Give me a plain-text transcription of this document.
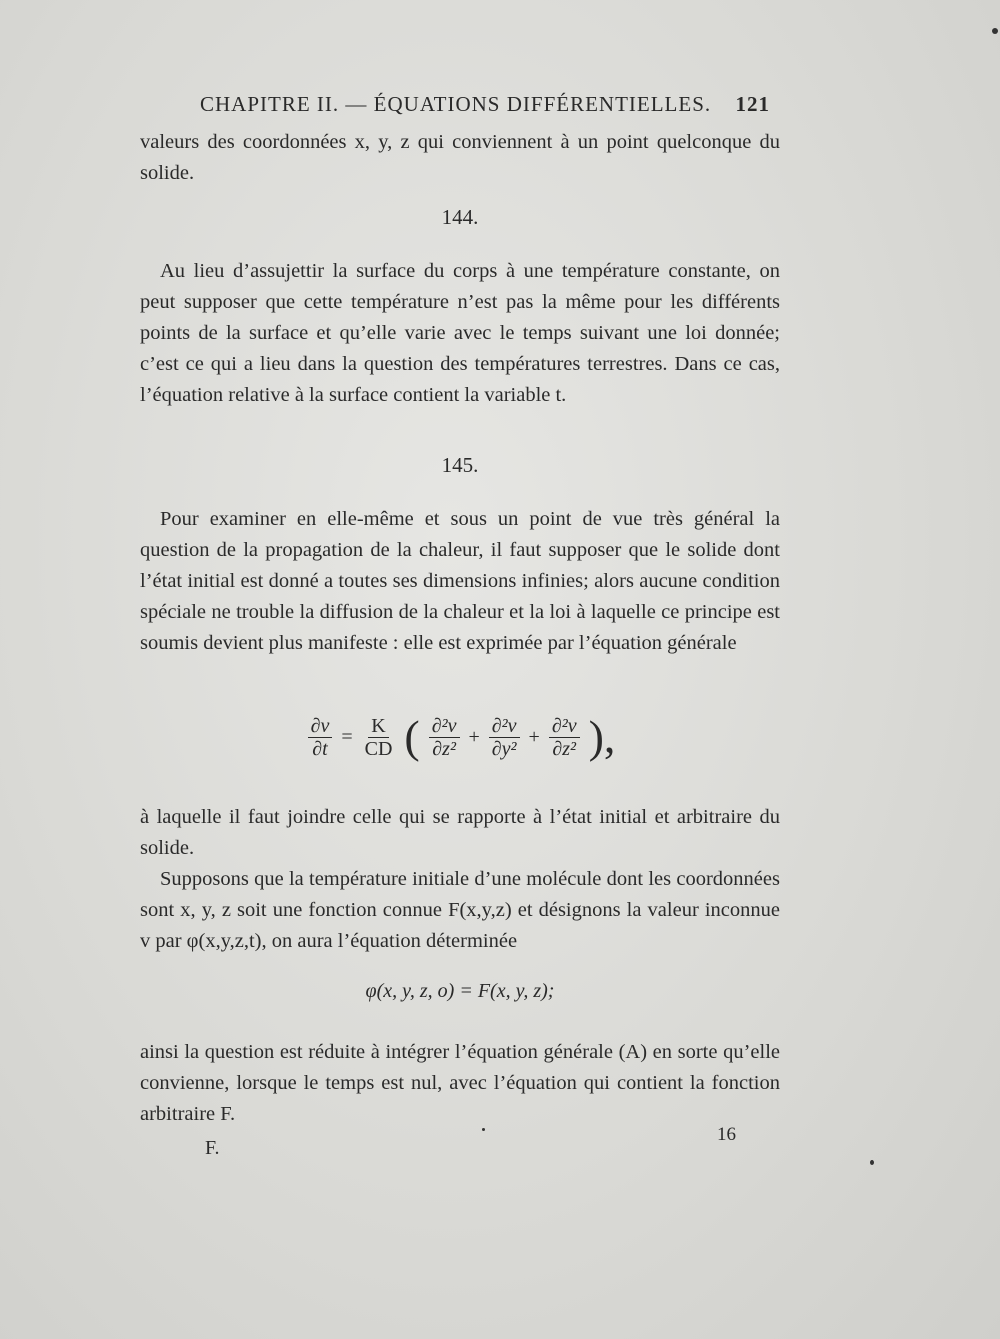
CHAPITRE II. — ÉQUATIONS DIFFÉRENTIELLES. 121
valeurs des coordonnées x, y, z qui conviennent à un point quelconque du solide.
144.
Au lieu d’assujettir la surface du corps à une température constante, on peut supposer que cette température n’est pas la même pour les différents points de la surface et qu’elle varie avec le temps suivant une loi donnée; c’est ce qui a lieu dans la question des températures terrestres. Dans ce cas, l’équation relative à la surface contient la variable t.
145.
Pour examiner en elle-même et sous un point de vue très général la question de la propagation de la chaleur, il faut supposer que le solide dont l’état initial est donné a toutes ses dimensions infinies; alors aucune condition spéciale ne trouble la diffusion de la chaleur et la loi à laquelle ce principe est soumis devient plus manifeste : elle est exprimée par l’équation générale
$\frac{\partial v}{\partial t} = \frac{K}{CD}$ ( $\frac{\text{∂²v}}{\text{∂z²}} + \frac{\text{∂²v}}{\text{∂y²}} + \frac{\text{∂²v}}{\text{∂z²}}$ ),
à laquelle il faut joindre celle qui se rapporte à l’état initial et arbitraire du solide.
Supposons que la température initiale d’une molécule dont les coordonnées sont x, y, z soit une fonction connue F(x,y,z) et désignons la valeur inconnue v par φ(x,y,z,t), on aura l’équation déterminée
φ(x, y, z, o) = F(x, y, z);
ainsi la question est réduite à intégrer l’équation générale (A) en sorte qu’elle convienne, lorsque le temps est nul, avec l’équation qui contient la fonction arbitraire F.
F.
16
